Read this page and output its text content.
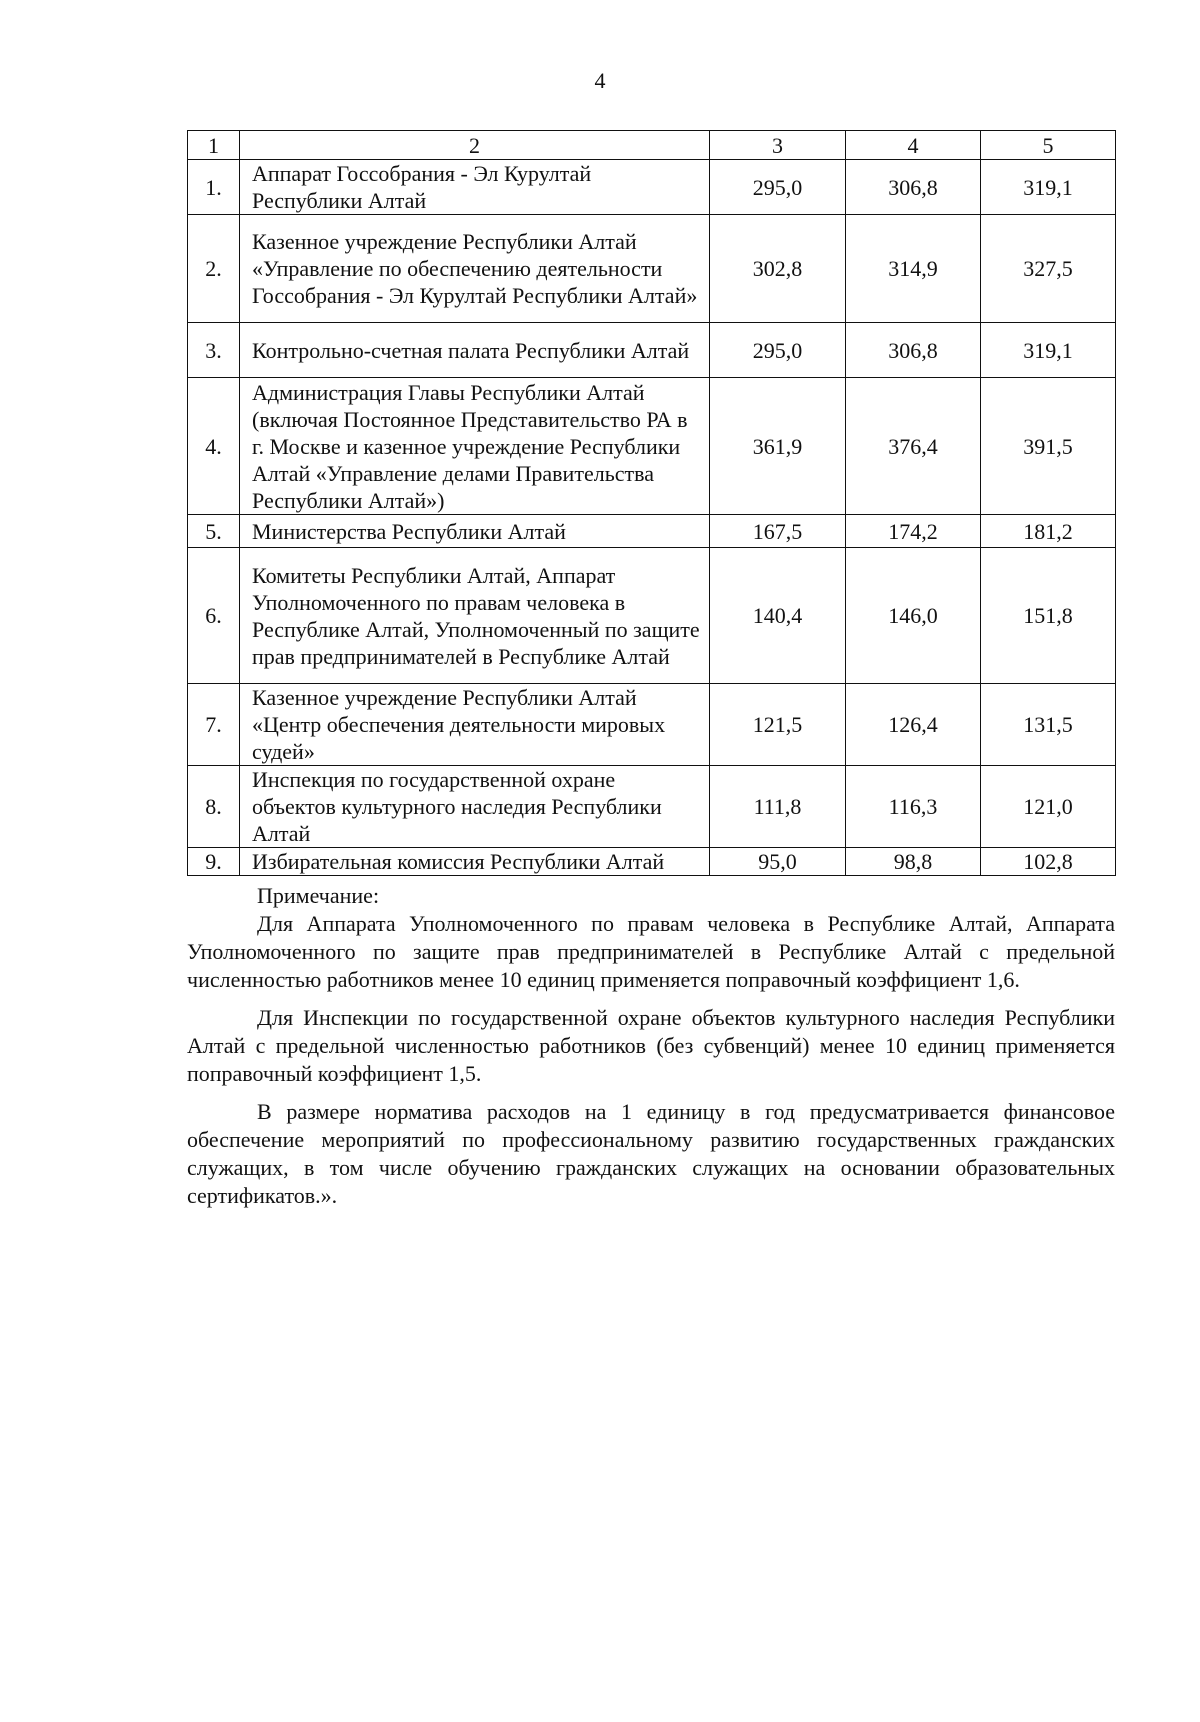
4
1	2	3	4	5
1.	Аппарат Госсобрания - Эл Курултай Республики Алтай	295,0	306,8	319,1
2.	Казенное учреждение Республики Алтай «Управление по обеспечению деятельности Госсобрания - Эл Курултай Республики Алтай»	302,8	314,9	327,5
3.	Контрольно-счетная палата Республики Алтай	295,0	306,8	319,1
4.	Администрация Главы Республики Алтай (включая Постоянное Представительство РА в г. Москве и казенное учреждение Республики Алтай «Управление делами Правительства Республики Алтай»)	361,9	376,4	391,5
5.	Министерства Республики Алтай	167,5	174,2	181,2
6.	Комитеты Республики Алтай, Аппарат Уполномоченного по правам человека в Республике Алтай, Уполномоченный по защите прав предпринимателей в Республике Алтай	140,4	146,0	151,8
7.	Казенное учреждение Республики Алтай «Центр обеспечения деятельности мировых судей»	121,5	126,4	131,5
8.	Инспекция по государственной охране объектов культурного наследия Республики Алтай	111,8	116,3	121,0
9.	Избирательная комиссия Республики Алтай	95,0	98,8	102,8

Примечание:

Для Аппарата Уполномоченного по правам человека в Республике Алтай, Аппарата Уполномоченного по защите прав предпринимателей в Республике Алтай с предельной численностью работников менее 10 единиц применяется поправочный коэффициент 1,6.

Для Инспекции по государственной охране объектов культурного наследия Республики Алтай с предельной численностью работников (без субвенций) менее 10 единиц применяется поправочный коэффициент 1,5.

В размере норматива расходов на 1 единицу в год предусматривается финансовое обеспечение мероприятий по профессиональному развитию государственных гражданских служащих, в том числе обучению гражданских служащих на основании образовательных сертификатов.».
